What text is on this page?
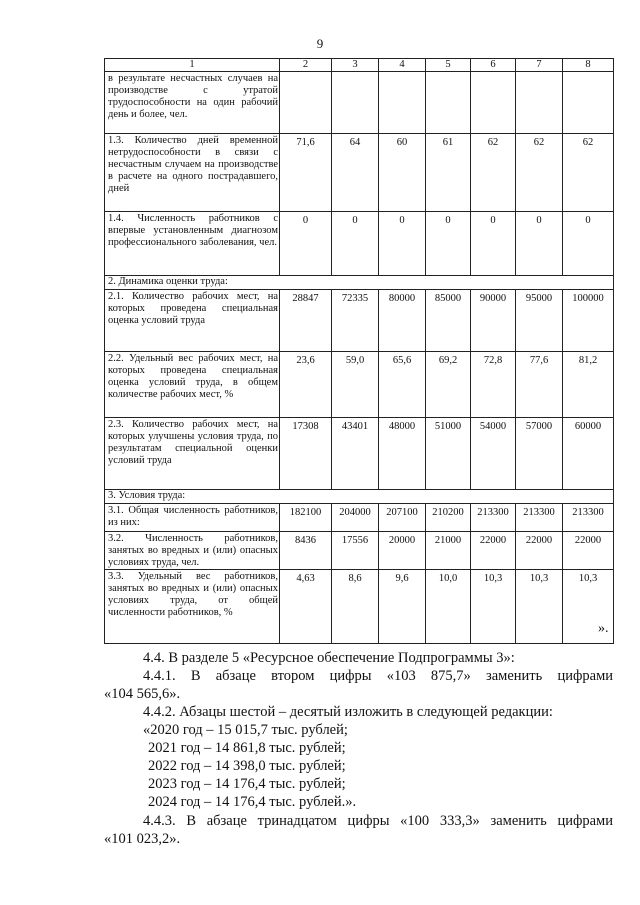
9
1	2	3	4	5	6	7	8
в результате несчастных случаев на производстве с утратой трудоспособности на один рабочий день и более, чел.							
1.3. Количество дней временной нетрудоспособности в связи с несчастным случаем на производстве в расчете на одного пострадавшего, дней	71,6	64	60	61	62	62	62
1.4. Численность работников с впервые установленным диагнозом профессионального заболевания, чел.	0	0	0	0	0	0	0
2. Динамика оценки труда:							
2.1. Количество рабочих мест, на которых проведена специальная оценка условий труда	28847	72335	80000	85000	90000	95000	100000
2.2. Удельный вес рабочих мест, на которых проведена специальная оценка условий труда, в общем количестве рабочих мест, %	23,6	59,0	65,6	69,2	72,8	77,6	81,2
2.3. Количество рабочих мест, на которых улучшены условия труда, по результатам специальной оценки условий труда	17308	43401	48000	51000	54000	57000	60000
3. Условия труда:							
3.1. Общая численность работников, из них:	182100	204000	207100	210200	213300	213300	213300
3.2. Численность работников, занятых во вредных и (или) опасных условиях труда, чел.	8436	17556	20000	21000	22000	22000	22000
3.3. Удельный вес работников, занятых во вредных и (или) опасных условиях труда, от общей численности работников, %	4,63	8,6	9,6	10,0	10,3	10,3	10,3
».
4.4. В разделе 5 «Ресурсное обеспечение Подпрограммы 3»:
4.4.1. В абзаце втором цифры «103 875,7» заменить цифрами
«104 565,6».
4.4.2. Абзацы шестой – десятый изложить в следующей редакции:
«2020 год – 15 015,7 тыс. рублей;
2021 год – 14 861,8 тыс. рублей;
2022 год – 14 398,0 тыс. рублей;
2023 год – 14 176,4 тыс. рублей;
2024 год – 14 176,4 тыс. рублей.».
4.4.3. В абзаце тринадцатом цифры «100 333,3» заменить цифрами
«101 023,2».
